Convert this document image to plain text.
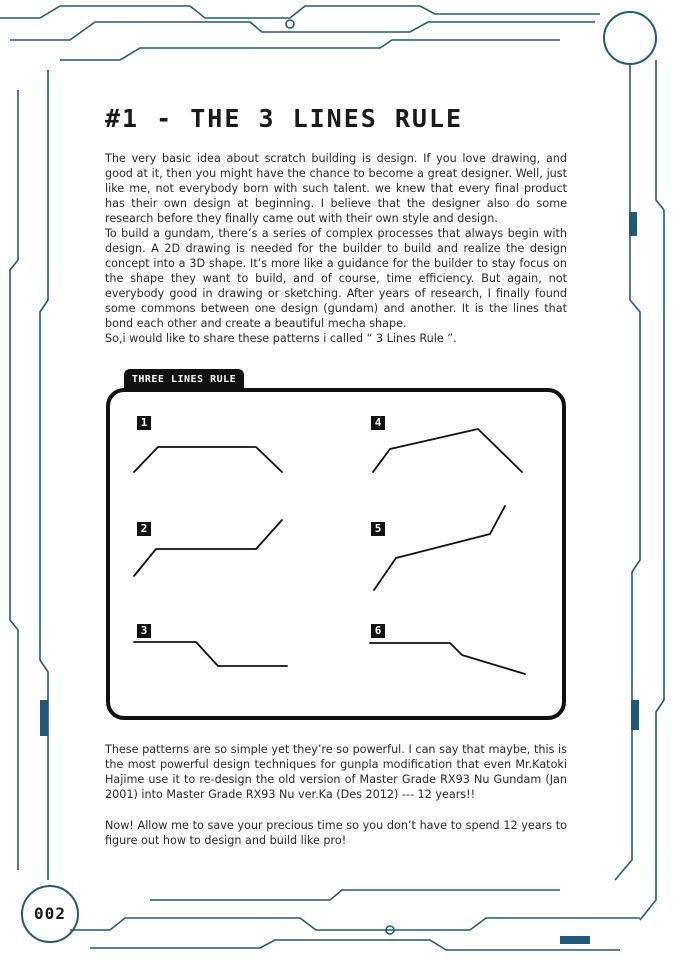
#1 - THE 3 LINES RULE

The very basic idea about scratch building is design. If you love drawing, and good at it, then you might have the chance to become a great designer. Well, just like me, not everybody born with such talent. we knew that every final product has their own design at beginning. I believe that the designer also do some research before they finally came out with their own style and design.
To build a gundam, there’s a series of complex processes that always begin with design. A 2D drawing is needed for the builder to build and realize the design concept into a 3D shape. It’s more like a guidance for the builder to stay focus on the shape they want to build, and of course, time efficiency. But again, not everybody good in drawing or sketching. After years of research, I finally found some commons between one design (gundam) and another. It is the lines that bond each other and create a beautiful mecha shape.
So,i would like to share these patterns i called “ 3 Lines Rule ”.

THREE LINES RULE
1
2
3
4
5
6

These patterns are so simple yet they’re so powerful. I can say that maybe, this is the most powerful design techniques for gunpla modification that even Mr.Katoki Hajime use it to re-design the old version of Master Grade RX93 Nu Gundam (Jan 2001) into Master Grade RX93 Nu ver.Ka (Des 2012) --- 12 years!!

Now! Allow me to save your precious time so you don’t have to spend 12 years to figure out how to design and build like pro!

002
